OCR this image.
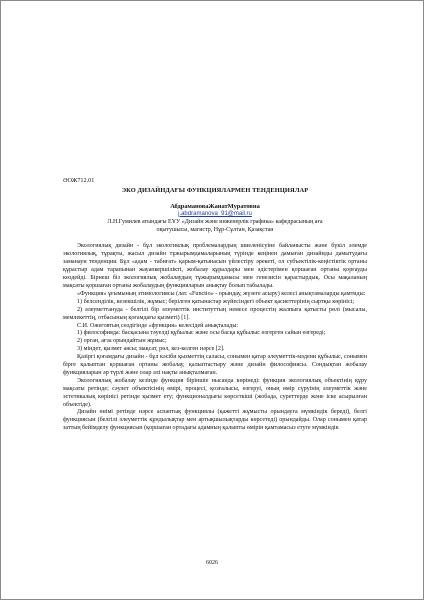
ӘОЖ712.01
ЭКО ДИЗАЙНДАҒЫ ФУНКЦИЯЛАРМЕН ТЕНДЕНЦИЯЛАР
АбдрамановаЖанатМуратовна
j.abdramanova_91@mail.ru
Л.Н.Гумилев атындағы ЕҰУ «Дизайн және инженерлік графика» кафедрасының аға
оқытушысы, магистр, Нұр-Сұлтан, Қазақстан

Экологиялық дизайн - бұл экологиялық проблемалардың шиеленісуіне байланысты және бүкіл әлемде экологиялық, тұрақты, жасыл дизайн тұжырымдамаларының түрінде кеңінен дамыған дизайнды дамытудағы заманауи тенденция. Бұл «адам - табиғат» қарым-қатынасын үйлестіру әрекеті, ол субъектілік-кеңістіктік ортаны құрастыр адам тарапынан жауапкершілікті, жобалау құралдары мен әдістерімен қоршаған ортаны қорғауды көздейді. Бірнеш біз экологиялық жобалаудың тұжырымдамасы мен генезисін қарастырдық. Осы мақаланың мақсаты қоршаған ортаны жобалаудың функцияларын анықтау болып табылады.

«Функция» ұғымының этимологиясы (лат. «Functio» - орындау, жүзеге асыру) келесі анықтамаларды қамтиды:

1) белсенділік, кезекшілік, жұмыс; берілген қатынастар жүйесіндегі объект қасиеттерінің сыртқы көрінісі;

2) әлеуметтануда - белгілі бір әлеуметтік институттың немесе процестің жалпыға қатысты рөлі (мысалы, мемлекеттің, отбасының қоғамдағы қызметі) [1].

С.И. Ожеговтың сөздігінде «функция» келесідей анықталады:

1) философияда: басқасына тәуелді құбылыс және осы басқа құбылыс өзгерген сайын өзгереді;

2) орган, ағза орындайтын жұмыс;

3) міндет, қызмет аясы; мақсат, рөл, кез-келген нәрсе [2].

Қазіргі қоғамдағы дизайн - бұл кәсіби қызметтің саласы, сонымен қатар әлеуметтік-мәдени құбылыс, сонымен бірге қалыптан қоршаған ортаны жобалау, қалыптастыру және дизайн философиясы. Сондықтан жобалау функцияларын әр түрлі және олар әлі нақты анықталмаған.

Экологиялық жобалау кезінде функция біріншіе нысанда көрінеді: функция экологиялық объектінің құру мақсаты ретінде; сәулет объектісінің өмірі, процесі, қозғалысы, өзгеруі, оның өмір сүруінің әлеуметтік және эстетикалық көрінісі ретінде қызмет ету; функционалдығы көрсеткіші (жобада, суреттерде және іске асырылған объектіде).

Дизайн өнімі ретінде нәрсе аспаптық функциялы (қажетті жұмысты орындауға мүмкіндік береді), белгі функциясын (белгілі әлеуметтік құндылықтар мен артықшылықтарды көрсетеді) орындайды. Олар сонымен қатар заттың бейімделу функциясын (қоршаған ортадағы адамның қалыпты өмірін қамтамасыз етуге мүмкіндік

6026
